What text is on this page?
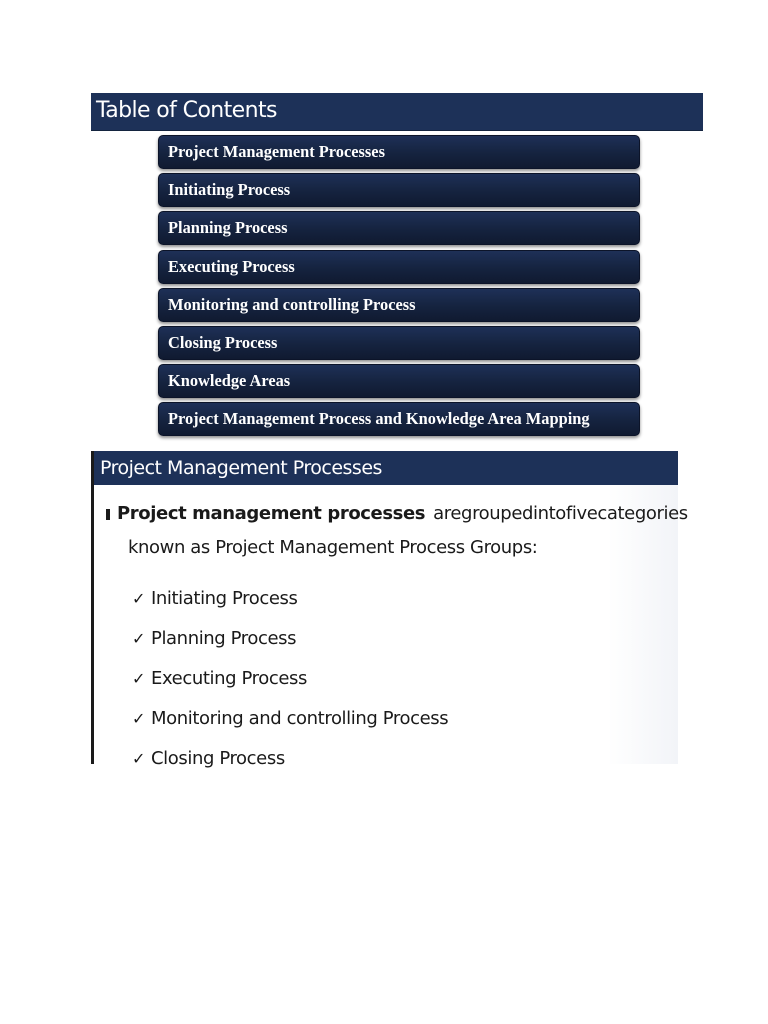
Table of Contents
Project Management Processes
Initiating Process
Planning Process
Executing Process
Monitoring and controlling Process
Closing Process
Knowledge Areas
Project Management Process and Knowledge Area Mapping
Project Management Processes
Project management processes are grouped into five categories
known as Project Management Process Groups:
✓ Initiating Process
✓ Planning Process
✓ Executing Process
✓ Monitoring and controlling Process
✓ Closing Process
